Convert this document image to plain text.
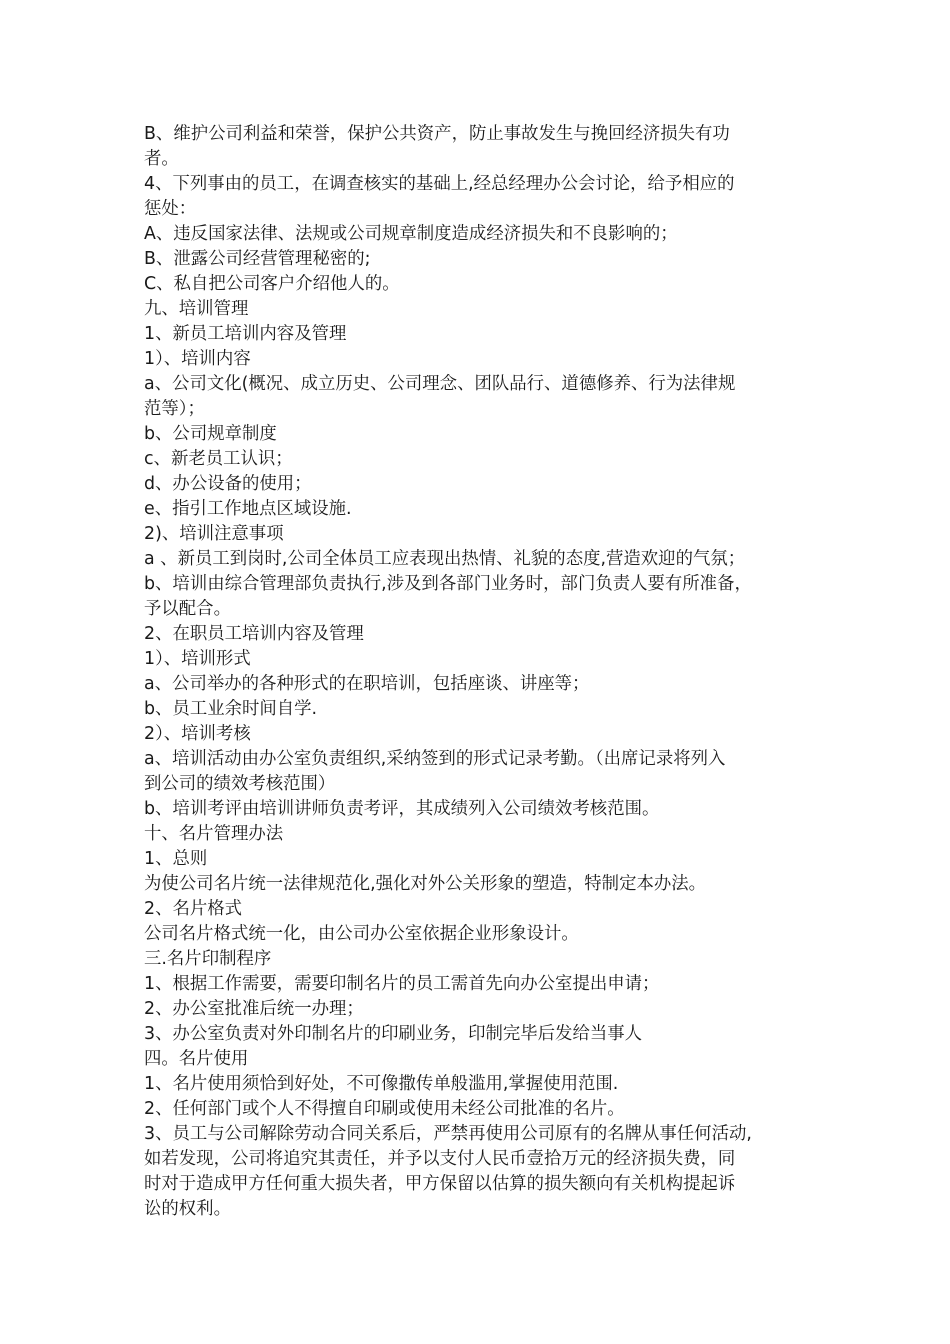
B、维护公司利益和荣誉，保护公共资产，防止事故发生与挽回经济损失有功

者。

4、下列事由的员工，在调查核实的基础上,经总经理办公会讨论，给予相应的

惩处：

A、违反国家法律、法规或公司规章制度造成经济损失和不良影响的；

B、泄露公司经营管理秘密的;

C、私自把公司客户介绍他人的。

九、培训管理

1、新员工培训内容及管理

1）、培训内容

a、公司文化(概况、成立历史、公司理念、团队品行、道德修养、行为法律规

范等）；

b、公司规章制度

c、新老员工认识；

d、办公设备的使用；

e、指引工作地点区域设施.

2)、培训注意事项

a 、新员工到岗时,公司全体员工应表现出热情、礼貌的态度,营造欢迎的气氛；

b、培训由综合管理部负责执行,涉及到各部门业务时，部门负责人要有所准备，

予以配合。

2、在职员工培训内容及管理

1）、培训形式

a、公司举办的各种形式的在职培训，包括座谈、讲座等；

b、员工业余时间自学.

2）、培训考核

a、培训活动由办公室负责组织,采纳签到的形式记录考勤。（出席记录将列入

到公司的绩效考核范围）

b、培训考评由培训讲师负责考评，其成绩列入公司绩效考核范围。

十、名片管理办法

1、总则

为使公司名片统一法律规范化,强化对外公关形象的塑造，特制定本办法。

2、名片格式

公司名片格式统一化，由公司办公室依据企业形象设计。

三.名片印制程序

1、根据工作需要，需要印制名片的员工需首先向办公室提出申请；

2、办公室批准后统一办理；

3、办公室负责对外印制名片的印刷业务，印制完毕后发给当事人

四。名片使用

1、名片使用须恰到好处，不可像撒传单般滥用,掌握使用范围.

2、任何部门或个人不得擅自印刷或使用未经公司批准的名片。

3、员工与公司解除劳动合同关系后，严禁再使用公司原有的名牌从事任何活动,

如若发现，公司将追究其责任，并予以支付人民币壹拾万元的经济损失费，同

时对于造成甲方任何重大损失者，甲方保留以估算的损失额向有关机构提起诉

讼的权利。
